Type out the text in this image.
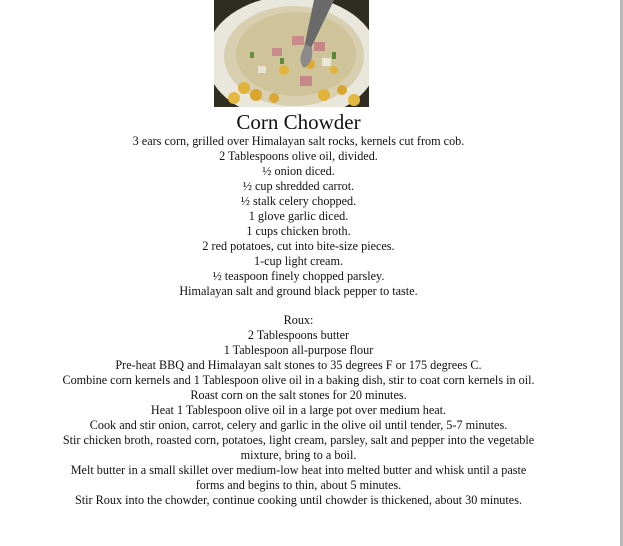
Corn Chowder
3 ears corn, grilled over Himalayan salt rocks, kernels cut from cob.
2 Tablespoons olive oil, divided.
½ onion diced.
½ cup shredded carrot.
½ stalk celery chopped.
1 glove garlic diced.
1 cups chicken broth.
2 red potatoes, cut into bite-size pieces.
1-cup light cream.
½ teaspoon finely chopped parsley.
Himalayan salt and ground black pepper to taste.
Roux:
2 Tablespoons butter
1 Tablespoon all-purpose flour
Pre-heat BBQ and Himalayan salt stones to 35 degrees F or 175 degrees C.
Combine corn kernels and 1 Tablespoon olive oil in a baking dish, stir to coat corn kernels in oil.
Roast corn on the salt stones for 20 minutes.
Heat 1 Tablespoon olive oil in a large pot over medium heat.
Cook and stir onion, carrot, celery and garlic in the olive oil until tender, 5-7 minutes.
Stir chicken broth, roasted corn, potatoes, light cream, parsley, salt and pepper into the vegetable mixture, bring to a boil.
Melt butter in a small skillet over medium-low heat into melted butter and whisk until a paste forms and begins to thin, about 5 minutes.
Stir Roux into the chowder, continue cooking until chowder is thickened, about 30 minutes.
